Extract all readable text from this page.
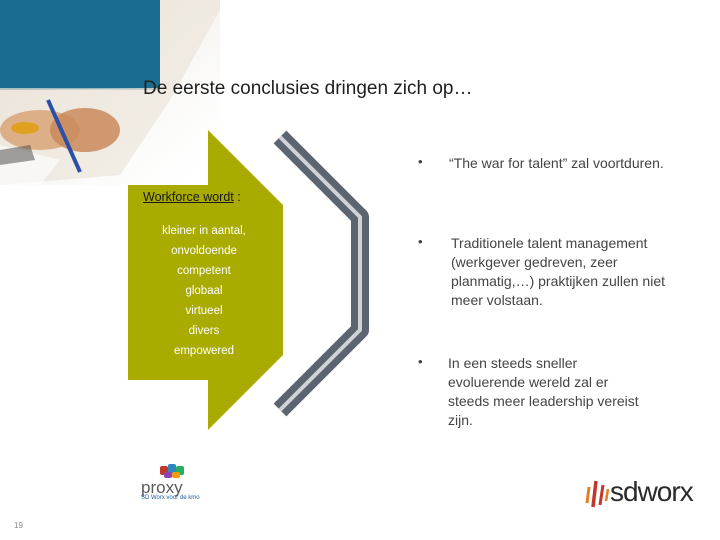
De eerste conclusies dringen zich op…
Workforce wordt :
kleiner in aantal,
onvoldoende
competent
globaal
virtueel
divers
empowered
• “The war for talent” zal voortduren.
• Traditionele talent management (werkgever gedreven, zeer planmatig,…) praktijken zullen niet meer volstaan.
• In een steeds sneller evoluerende wereld zal er steeds meer leadership vereist zijn.
proxy
SD Worx voor de kmo	sdworx
19
